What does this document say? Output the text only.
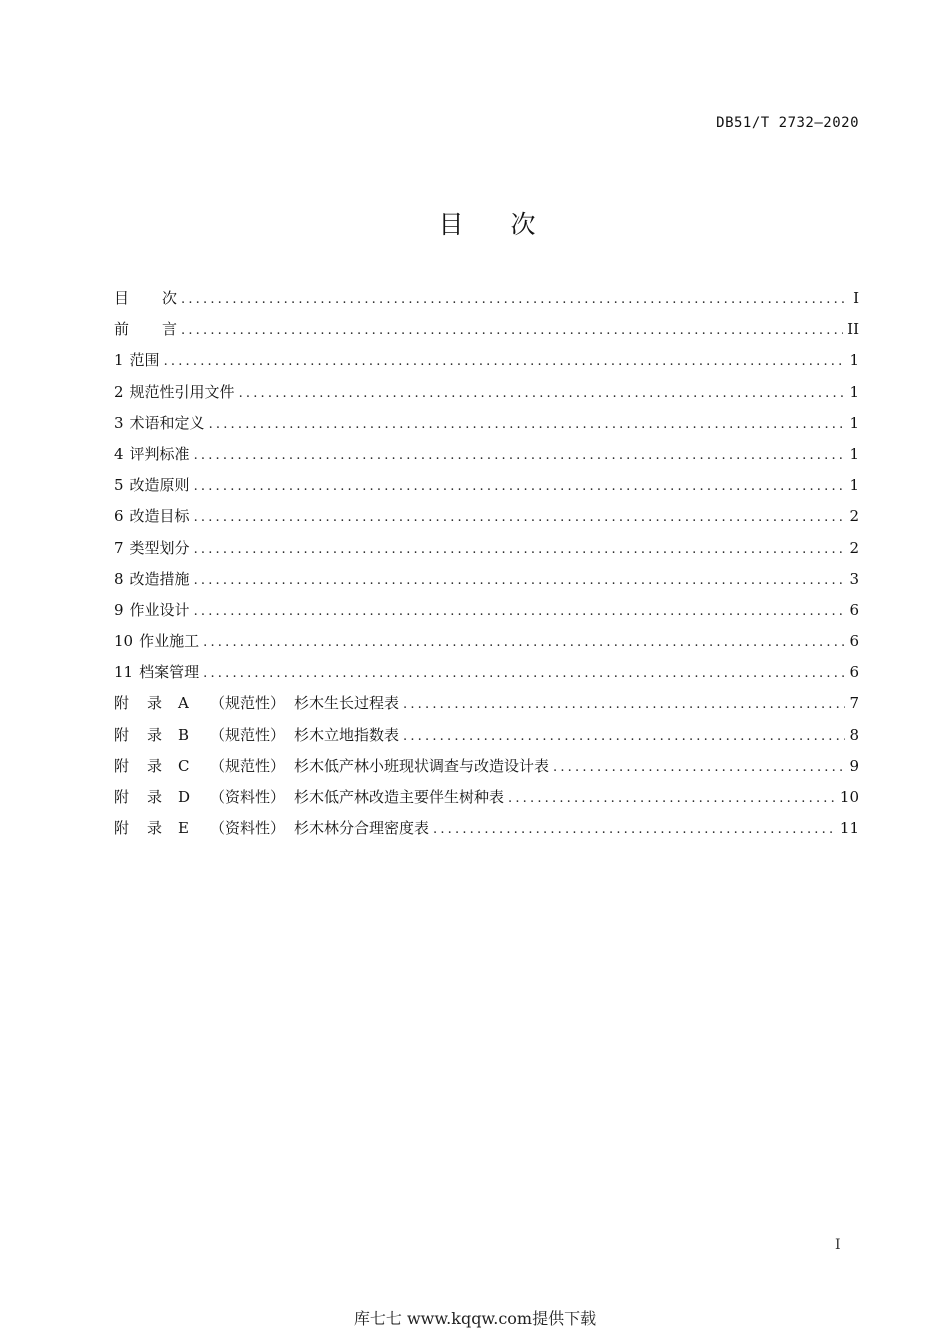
DB51/T 2732—2020
目 次
目	次 .....	I
前	言 .....	II
1 范围 .....	1
2 规范性引用文件 .....	1
3 术语和定义 .....	1
4 评判标准 .....	1
5 改造原则 .....	1
6 改造目标 .....	2
7 类型划分 .....	2
8 改造措施 .....	3
9 作业设计 .....	6
10 作业施工 .....	6
11 档案管理 .....	6
附 录	A	（规范性） 杉木生长过程表 .....	7
附 录	B	（规范性） 杉木立地指数表 .....	8
附 录	C	（规范性） 杉木低产林小班现状调查与改造设计表 .....	9
附 录	D	（资料性） 杉木低产林改造主要伴生树种表 .....	10
附 录	E	（资料性） 杉木林分合理密度表 .....	11
I
库七七 www.kqqw.com提供下载
